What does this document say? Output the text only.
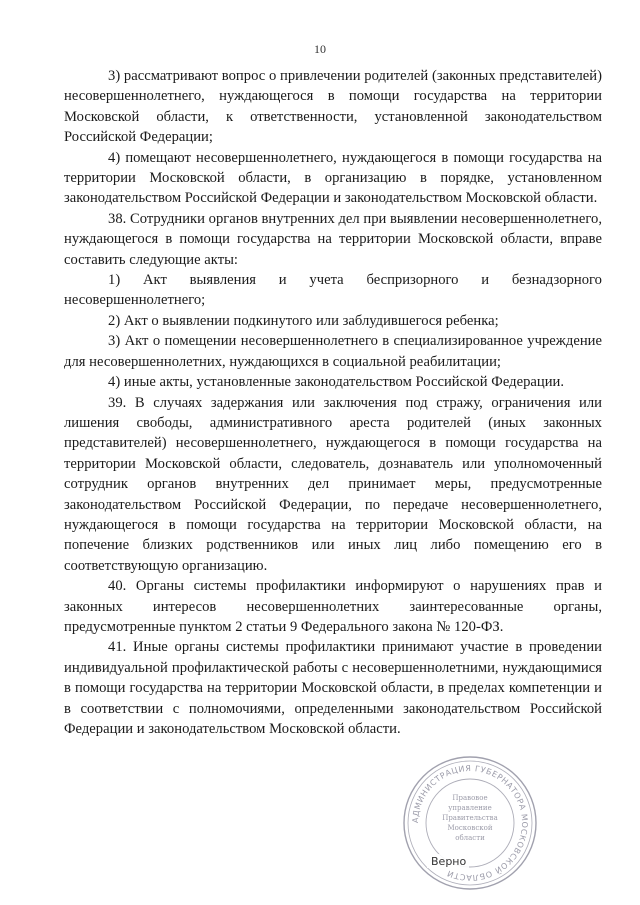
10

3) рассматривают вопрос о привлечении родителей (законных представителей) несовершеннолетнего, нуждающегося в помощи государства на территории Московской области, к ответственности, установленной законодательством Российской Федерации;

4) помещают несовершеннолетнего, нуждающегося в помощи государства на территории Московской области, в организацию в порядке, установленном законодательством Российской Федерации и законодательством Московской области.

38. Сотрудники органов внутренних дел при выявлении несовершеннолетнего, нуждающегося в помощи государства на территории Московской области, вправе составить следующие акты:

1) Акт выявления и учета беспризорного и безнадзорного несовершеннолетнего;

2) Акт о выявлении подкинутого или заблудившегося ребенка;

3) Акт о помещении несовершеннолетнего в специализированное учреждение для несовершеннолетних, нуждающихся в социальной реабилитации;

4) иные акты, установленные законодательством Российской Федерации.

39. В случаях задержания или заключения под стражу, ограничения или лишения свободы, административного ареста родителей (иных законных представителей) несовершеннолетнего, нуждающегося в помощи государства на территории Московской области, следователь, дознаватель или уполномоченный сотрудник органов внутренних дел принимает меры, предусмотренные законодательством Российской Федерации, по передаче несовершеннолетнего, нуждающегося в помощи государства на территории Московской области, на попечение близких родственников или иных лиц либо помещению его в соответствующую организацию.

40. Органы системы профилактики информируют о нарушениях прав и законных интересов несовершеннолетних заинтересованные органы, предусмотренные пунктом 2 статьи 9 Федерального закона № 120-ФЗ.

41. Иные органы системы профилактики принимают участие в проведении индивидуальной профилактической работы с несовершеннолетними, нуждающимися в помощи государства на территории Московской области, в пределах компетенции и в соответствии с полномочиями, определенными законодательством Российской Федерации и законодательством Московской области.

АДМИНИСТРАЦИЯ ГУБЕРНАТОРА МОСКОВСКОЙ ОБЛАСТИ
Правовое
управление
Правительства
Московской
области
Верно
